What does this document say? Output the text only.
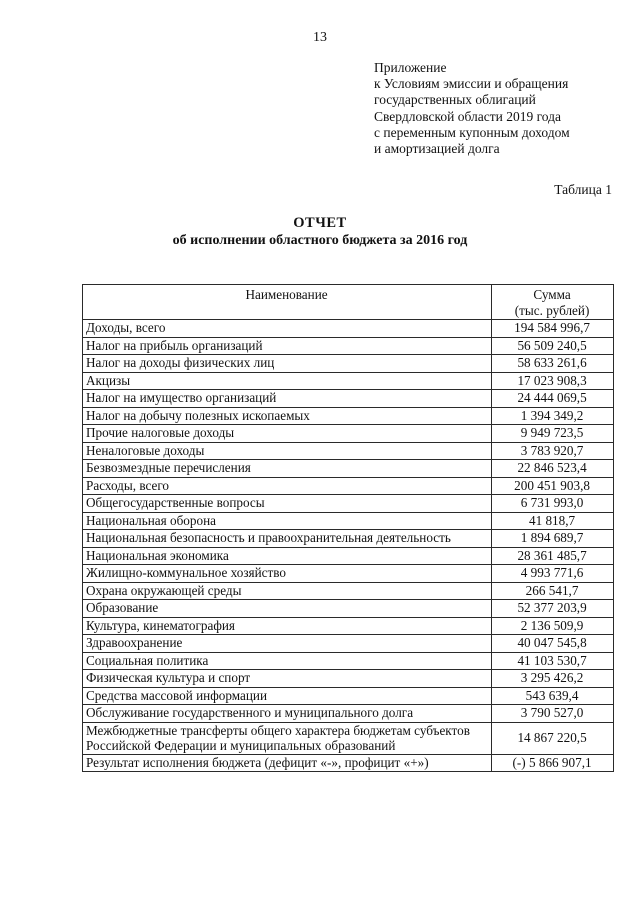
13
Приложение
к Условиям эмиссии и обращения
государственных облигаций
Свердловской области 2019 года
с переменным купонным доходом
и амортизацией долга
Таблица 1
ОТЧЕТ
об исполнении областного бюджета за 2016 год
Наименование	Сумма
(тыс. рублей)

Доходы, всего	194 584 996,7
Налог на прибыль организаций	56 509 240,5
Налог на доходы физических лиц	58 633 261,6
Акцизы	17 023 908,3
Налог на имущество организаций	24 444 069,5
Налог на добычу полезных ископаемых	1 394 349,2
Прочие налоговые доходы	9 949 723,5
Неналоговые доходы	3 783 920,7
Безвозмездные перечисления	22 846 523,4
Расходы, всего	200 451 903,8
Общегосударственные вопросы	6 731 993,0
Национальная оборона	41 818,7
Национальная безопасность и правоохранительная деятельность	1 894 689,7
Национальная экономика	28 361 485,7
Жилищно-коммунальное хозяйство	4 993 771,6
Охрана окружающей среды	266 541,7
Образование	52 377 203,9
Культура, кинематография	2 136 509,9
Здравоохранение	40 047 545,8
Социальная политика	41 103 530,7
Физическая культура и спорт	3 295 426,2
Средства массовой информации	543 639,4
Обслуживание государственного и муниципального долга	3 790 527,0
Межбюджетные трансферты общего характера бюджетам субъектов Российской Федерации и муниципальных образований	14 867 220,5
Результат исполнения бюджета (дефицит «-», профицит «+»)	(-) 5 866 907,1
